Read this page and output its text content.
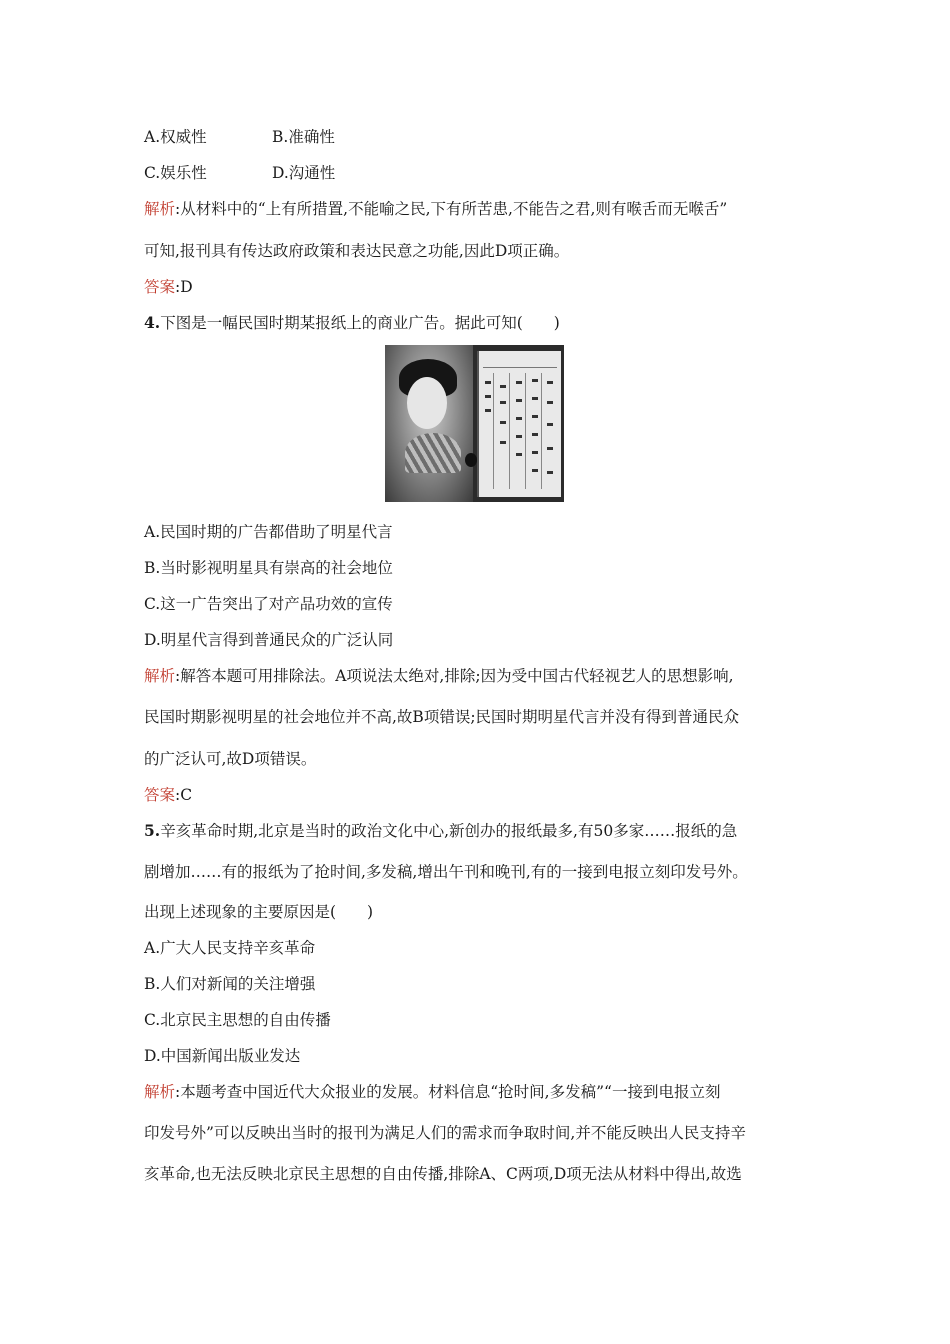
A.权威性	B.准确性
C.娱乐性	D.沟通性
解析:从材料中的“上有所措置,不能喻之民,下有所苦患,不能告之君,则有喉舌而无喉舌”
可知,报刊具有传达政府政策和表达民意之功能,因此D项正确。
答案:D
4.下图是一幅民国时期某报纸上的商业广告。据此可知(　　)
A.民国时期的广告都借助了明星代言
B.当时影视明星具有崇高的社会地位
C.这一广告突出了对产品功效的宣传
D.明星代言得到普通民众的广泛认同
解析:解答本题可用排除法。A项说法太绝对,排除;因为受中国古代轻视艺人的思想影响,
民国时期影视明星的社会地位并不高,故B项错误;民国时期明星代言并没有得到普通民众
的广泛认可,故D项错误。
答案:C
5.辛亥革命时期,北京是当时的政治文化中心,新创办的报纸最多,有50多家……报纸的急
剧增加……有的报纸为了抢时间,多发稿,增出午刊和晚刊,有的一接到电报立刻印发号外。
出现上述现象的主要原因是(　　)
A.广大人民支持辛亥革命
B.人们对新闻的关注增强
C.北京民主思想的自由传播
D.中国新闻出版业发达
解析:本题考查中国近代大众报业的发展。材料信息“抢时间,多发稿”“一接到电报立刻
印发号外”可以反映出当时的报刊为满足人们的需求而争取时间,并不能反映出人民支持辛
亥革命,也无法反映北京民主思想的自由传播,排除A、C两项,D项无法从材料中得出,故选
